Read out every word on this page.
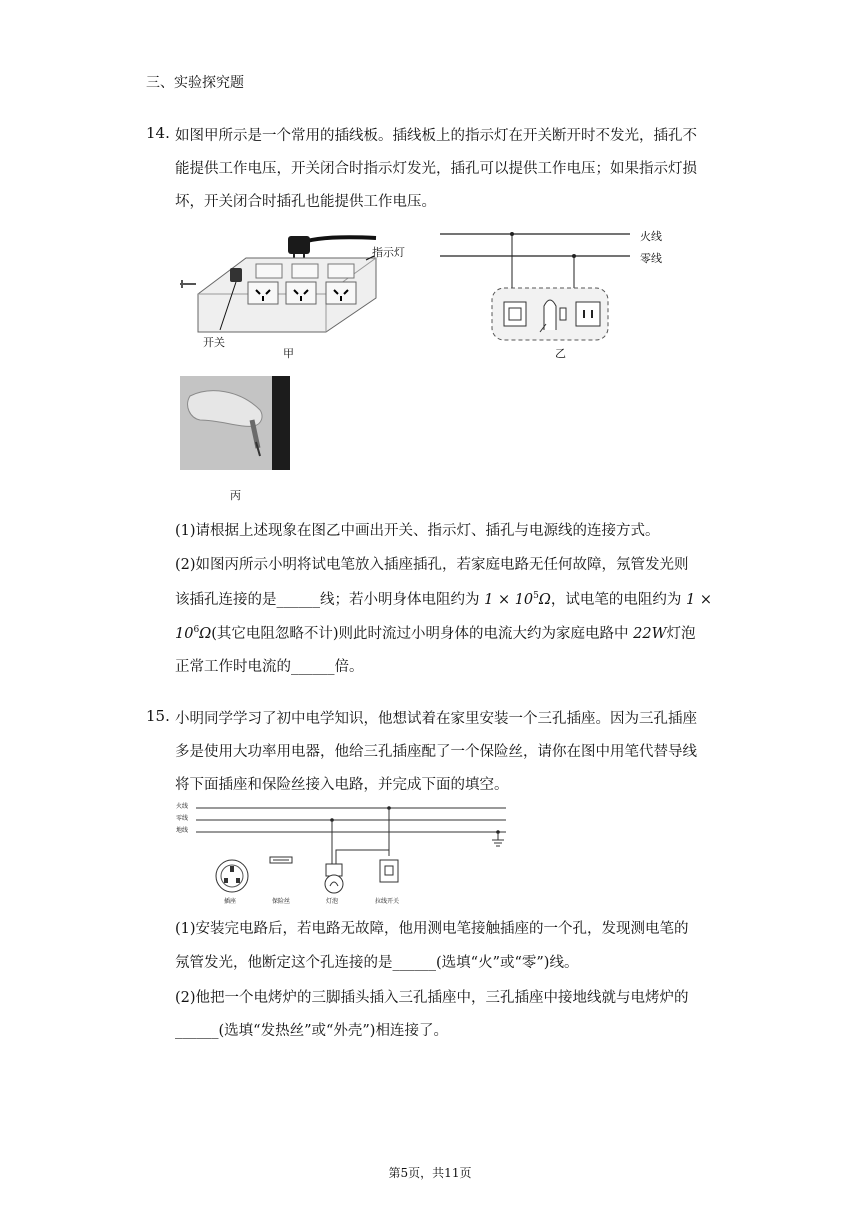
三、实验探究题
14. 如图甲所示是一个常用的插线板。插线板上的指示灯在开关断开时不发光，插孔不
能提供工作电压，开关闭合时指示灯发光，插孔可以提供工作电压；如果指示灯损
坏，开关闭合时插孔也能提供工作电压。
指示灯
开关
甲
火线
零线
乙
丙
(1)请根据上述现象在图乙中画出开关、指示灯、插孔与电源线的连接方式。
(2)如图丙所示小明将试电笔放入插座插孔，若家庭电路无任何故障，氖管发光则
该插孔连接的是______线；若小明身体电阻约为 $1 \times 10^5\Omega$，试电笔的电阻约为 1 ×
$10^6\Omega$(其它电阻忽略不计)则此时流过小明身体的电流大约为家庭电路中 22W灯泡
正常工作时电流的______倍。
15. 小明同学学习了初中电学知识，他想试着在家里安装一个三孔插座。因为三孔插座
多是使用大功率用电器，他给三孔插座配了一个保险丝，请你在图中用笔代替导线
将下面插座和保险丝接入电路，并完成下面的填空。
火线
零线
地线
插座	保险丝	灯泡	拉线开关
(1)安装完电路后，若电路无故障，他用测电笔接触插座的一个孔，发现测电笔的
氖管发光，他断定这个孔连接的是______(选填“火”或“零”)线。
(2)他把一个电烤炉的三脚插头插入三孔插座中，三孔插座中接地线就与电烤炉的
______(选填“发热丝”或“外壳”)相连接了。
第5页，共11页
